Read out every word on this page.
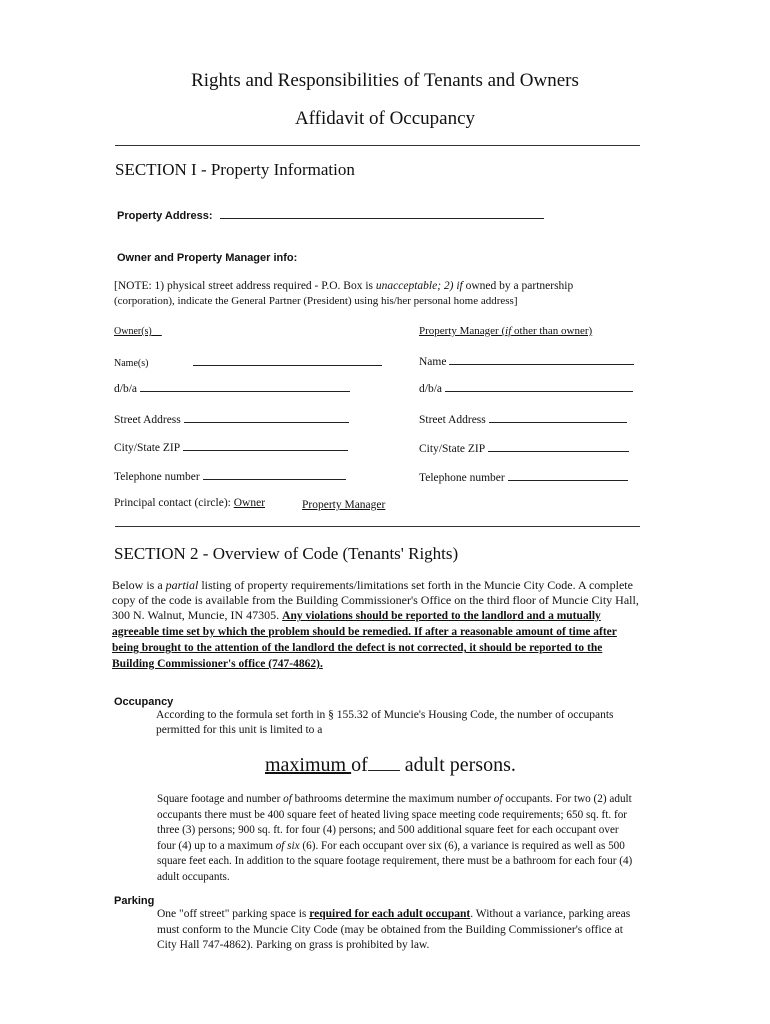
Rights and Responsibilities of Tenants and Owners
Affidavit of Occupancy
SECTION I - Property Information
Property Address:
Owner and Property Manager info:
[NOTE: 1) physical street address required - P.O. Box is unacceptable; 2) if owned by a partnership
(corporation), indicate the General Partner (President) using his/her personal home address]
Owner(s)	Property Manager (if other than owner)
Name(s)
d/b/a
Street Address
City/State ZIP
Telephone number
Name
d/b/a
Street Address
City/State ZIP
Telephone number
Principal contact (circle): Owner	Property Manager
SECTION 2 - Overview of Code (Tenants' Rights)
Below is a partial listing of property requirements/limitations set forth in the Muncie City Code. A complete copy of the code is available from the Building Commissioner's Office on the third floor of Muncie City Hall, 300 N. Walnut, Muncie, IN 47305. Any violations should be reported to the landlord and a mutually agreeable time set by which the problem should be remedied. If after a reasonable amount of time after being brought to the attention of the landlord the defect is not corrected, it should be reported to the Building Commissioner's office (747-4862).
Occupancy
According to the formula set forth in § 155.32 of Muncie's Housing Code, the number of occupants permitted for this unit is limited to a
maximum of adult persons.
Square footage and number of bathrooms determine the maximum number of occupants. For two (2) adult occupants there must be 400 square feet of heated living space meeting code requirements; 650 sq. ft. for three (3) persons; 900 sq. ft. for four (4) persons; and 500 additional square feet for each occupant over four (4) up to a maximum of six (6). For each occupant over six (6), a variance is required as well as 500 square feet each. In addition to the square footage requirement, there must be a bathroom for each four (4) adult occupants.
Parking
One "off street" parking space is required for each adult occupant. Without a variance, parking areas must conform to the Muncie City Code (may be obtained from the Building Commissioner's office at City Hall 747-4862). Parking on grass is prohibited by law.
